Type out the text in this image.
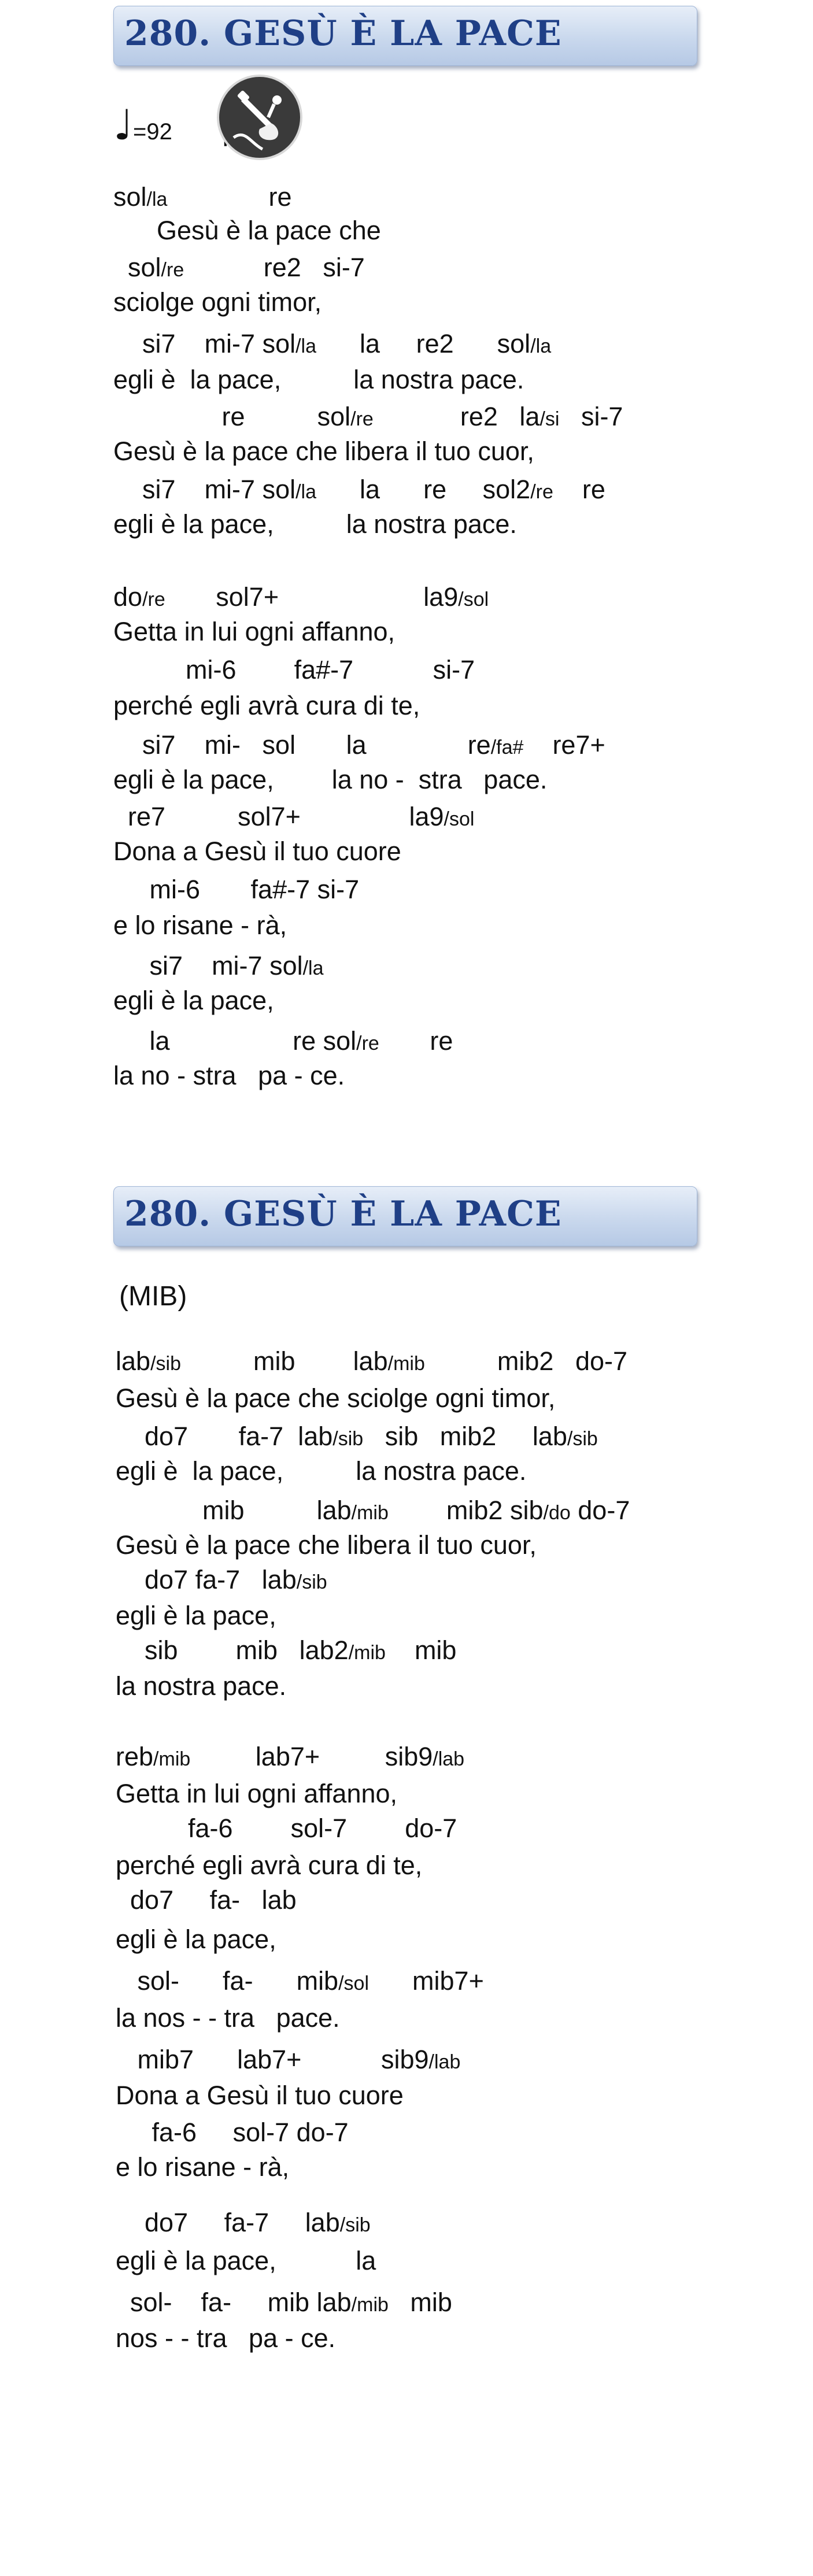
280. GESÙ È LA PACE
♩=92
sol/la	re
Gesù è la pace che
sol/re	re2 si-7
sciolge ogni timor,
si7 mi-7 sol/la la re2 sol/la
egli è  la pace,          la nostra pace.
re	sol/re	re2 la/si si-7
Gesù è la pace che libera il tuo cuor,
si7 mi-7 sol/la la re sol2/re re
egli è la pace,          la nostra pace.
do/re sol7+	la9/sol
Getta in lui ogni affanno,
mi-6 fa#-7	si-7
perché egli avrà cura di te,
si7 mi- sol la	re/fa# re7+
egli è la pace,        la no -  stra   pace.
re7	sol7+	la9/sol
Dona a Gesù il tuo cuore
mi-6 fa#-7 si-7
e lo risane - rà,
si7 mi-7 sol/la
egli è la pace,
la	re sol/re re
la no - stra   pa - ce.
280. GESÙ È LA PACE
(MIB)
lab/sib	mib lab/mib	mib2 do-7
Gesù è la pace che sciolge ogni timor,
do7 fa-7 lab/sib sib mib2 lab/sib
egli è  la pace,          la nostra pace.
mib	lab/mib mib2 sib/do do-7
Gesù è la pace che libera il tuo cuor,
do7 fa-7 lab/sib
egli è la pace,
sib mib lab2/mib mib
la nostra pace.
reb/mib	lab7+	sib9/lab
Getta in lui ogni affanno,
fa-6 sol-7 do-7
perché egli avrà cura di te,
do7 fa- lab
egli è la pace,
sol- fa- mib/sol mib7+
la nos - - tra   pace.
mib7 lab7+	sib9/lab
Dona a Gesù il tuo cuore
fa-6 sol-7 do-7
e lo risane - rà,
do7 fa-7 lab/sib
egli è la pace,           la
sol- fa- mib lab/mib mib
nos - - tra   pa - ce.
